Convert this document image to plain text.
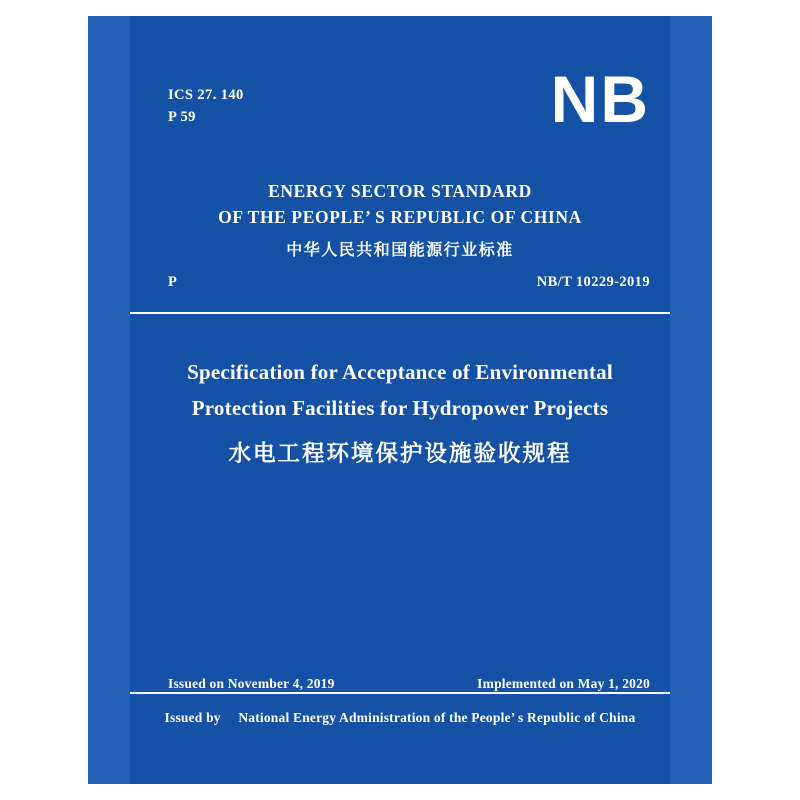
ICS 27. 140
P 59	NB
ENERGY SECTOR STANDARD
OF THE PEOPLE’ S REPUBLIC OF CHINA
中华人民共和国能源行业标准
P	NB/T 10229-2019
Specification for Acceptance of Environmental
Protection Facilities for Hydropower Projects
水电工程环境保护设施验收规程
Issued on November 4, 2019	Implemented on May 1, 2020
Issued by National Energy Administration of the People’ s Republic of China
